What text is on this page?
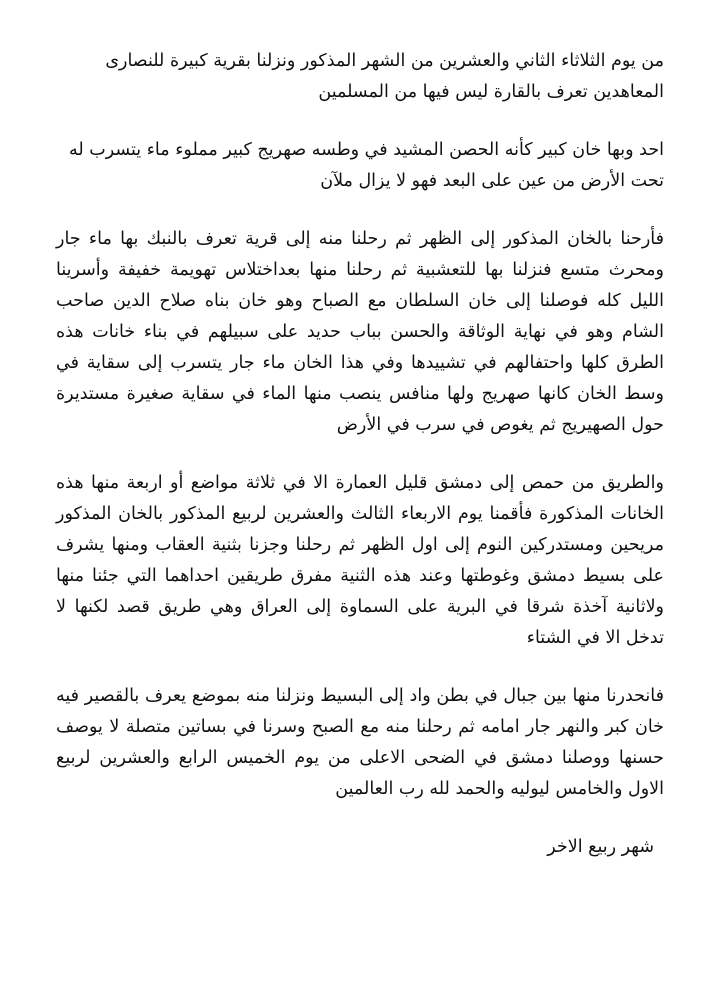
من يوم الثلاثاء الثاني والعشرين من الشهر المذكور ونزلنا بقرية كبيرة للنصارى المعاهدين تعرف بالقارة ليس فيها من المسلمين

احد وبها خان كبير كأنه الحصن المشيد في وطسه صهريج كبير مملوء ماء يتسرب له تحت الأرض من عين على البعد فهو لا يزال ملآن

فأرحنا بالخان المذكور إلى الظهر ثم رحلنا منه إلى قرية تعرف بالنبك بها ماء جار ومحرث متسع فنزلنا بها للتعشبية ثم رحلنا منها بعداختلاس تهويمة خفيفة وأسرينا الليل كله فوصلنا إلى خان السلطان مع الصباح وهو خان بناه صلاح الدين صاحب الشام وهو في نهاية الوثاقة والحسن بباب حديد على سبيلهم في بناء خانات هذه الطرق كلها واحتفالهم في تشييدها وفي هذا الخان ماء جار يتسرب إلى سقاية في وسط الخان كانها صهريج ولها منافس ينصب منها الماء في سقاية صغيرة مستديرة حول الصهيريج ثم يغوص في سرب في الأرض

والطريق من حمص إلى دمشق قليل العمارة الا في ثلاثة مواضع أو اربعة منها هذه الخانات المذكورة فأقمنا يوم الاربعاء الثالث والعشرين لربيع المذكور بالخان المذكور مريحين ومستدركين النوم إلى اول الظهر ثم رحلنا وجزنا بثنية العقاب ومنها يشرف على بسيط دمشق وغوطتها وعند هذه الثنية مفرق طريقين احداهما التي جئنا منها ولاثانية آخذة شرقا في البرية على السماوة إلى العراق وهي طريق قصد لكنها لا تدخل الا في الشتاء

فانحدرنا منها بين جبال في بطن واد إلى البسيط ونزلنا منه بموضع يعرف بالقصير فيه خان كبر والنهر جار امامه ثم رحلنا منه مع الصبح وسرنا في بساتين متصلة لا يوصف حسنها ووصلنا دمشق في الضحى الاعلى من يوم الخميس الرابع والعشرين لربيع الاول والخامس ليوليه والحمد لله رب العالمين

شهر ربيع الاخر
